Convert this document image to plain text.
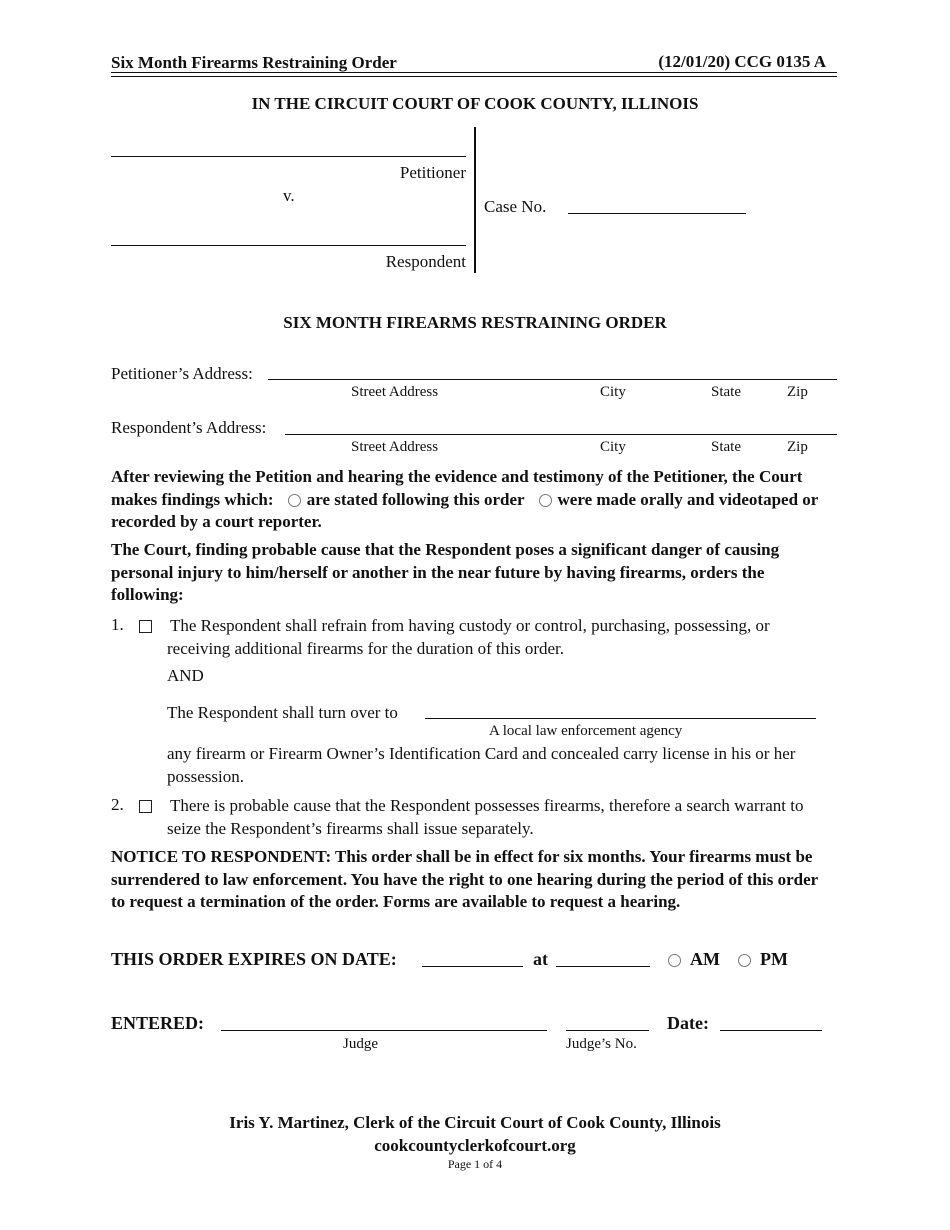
Six Month Firearms Restraining Order	(12/01/20) CCG 0135 A
IN THE CIRCUIT COURT OF COOK COUNTY, ILLINOIS
Petitioner
v.
Respondent
Case No.
SIX MONTH FIREARMS RESTRAINING ORDER
Petitioner’s Address:
Street Address	City	State	Zip
Respondent’s Address:
Street Address	City	State	Zip
After reviewing the Petition and hearing the evidence and testimony of the Petitioner, the Court makes findings which: are stated following this order were made orally and videotaped or recorded by a court reporter.

The Court, finding probable cause that the Respondent poses a significant danger of causing personal injury to him/herself or another in the near future by having firearms, orders the following:

1.	The Respondent shall refrain from having custody or control, purchasing, possessing, or receiving additional firearms for the duration of this order.

AND
The Respondent shall turn over to
A local law enforcement agency

any firearm or Firearm Owner’s Identification Card and concealed carry license in his or her possession.

2.	There is probable cause that the Respondent possesses firearms, therefore a search warrant to seize the Respondent’s firearms shall issue separately.

NOTICE TO RESPONDENT: This order shall be in effect for six months. Your firearms must be surrendered to law enforcement. You have the right to one hearing during the period of this order to request a termination of the order. Forms are available to request a hearing.

THIS ORDER EXPIRES ON DATE:	at	AM PM
ENTERED:
Judge	Judge’s No.
Date:
Iris Y. Martinez, Clerk of the Circuit Court of Cook County, Illinois
cookcountyclerkofcourt.org
Page 1 of 4
